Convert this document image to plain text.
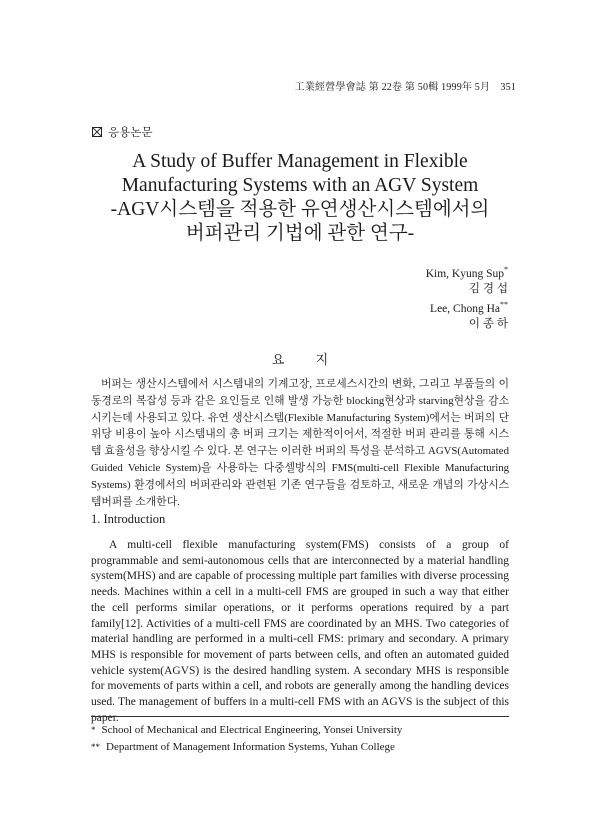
工業經營學會誌 第 22卷 第 50輯 1999年 5月　351
응용논문
A Study of Buffer Management in Flexible
Manufacturing Systems with an AGV System
-AGV시스템을 적용한 유연생산시스템에서의
버퍼관리 기법에 관한 연구-
Kim, Kyung Sup*
김 경 섭
Lee, Chong Ha**
이 종 하
요 지
버퍼는 생산시스템에서 시스템내의 기계고장, 프로세스시간의 변화, 그리고 부품들의 이동경로의 복잡성 등과 같은 요인들로 인해 발생 가능한 blocking현상과 starving현상을 감소시키는데 사용되고 있다. 유연 생산시스템(Flexible Manufacturing System)에서는 버퍼의 단위당 비용이 높아 시스템내의 총 버퍼 크기는 제한적이어서, 적절한 버퍼 관리를 통해 시스템 효율성을 향상시킬 수 있다. 본 연구는 이러한 버퍼의 특성을 분석하고 AGVS(Automated Guided Vehicle System)을 사용하는 다중셀방식의 FMS(multi-cell Flexible Manufacturing Systems) 환경에서의 버퍼관리와 관련된 기존 연구들을 검토하고, 새로운 개념의 가상시스템버퍼를 소개한다.
1. Introduction
A multi-cell flexible manufacturing system(FMS) consists of a group of programmable and semi-autonomous cells that are interconnected by a material handling system(MHS) and are capable of processing multiple part families with diverse processing needs. Machines within a cell in a multi-cell FMS are grouped in such a way that either the cell performs similar operations, or it performs operations required by a part family[12]. Activities of a multi-cell FMS are coordinated by an MHS. Two categories of material handling are performed in a multi-cell FMS: primary and secondary. A primary MHS is responsible for movement of parts between cells, and often an automated guided vehicle system(AGVS) is the desired handling system. A secondary MHS is responsible for movements of parts within a cell, and robots are generally among the handling devices used. The management of buffers in a multi-cell FMS with an AGVS is the subject of this paper.
* School of Mechanical and Electrical Engineering, Yonsei University
** Department of Management Information Systems, Yuhan College
